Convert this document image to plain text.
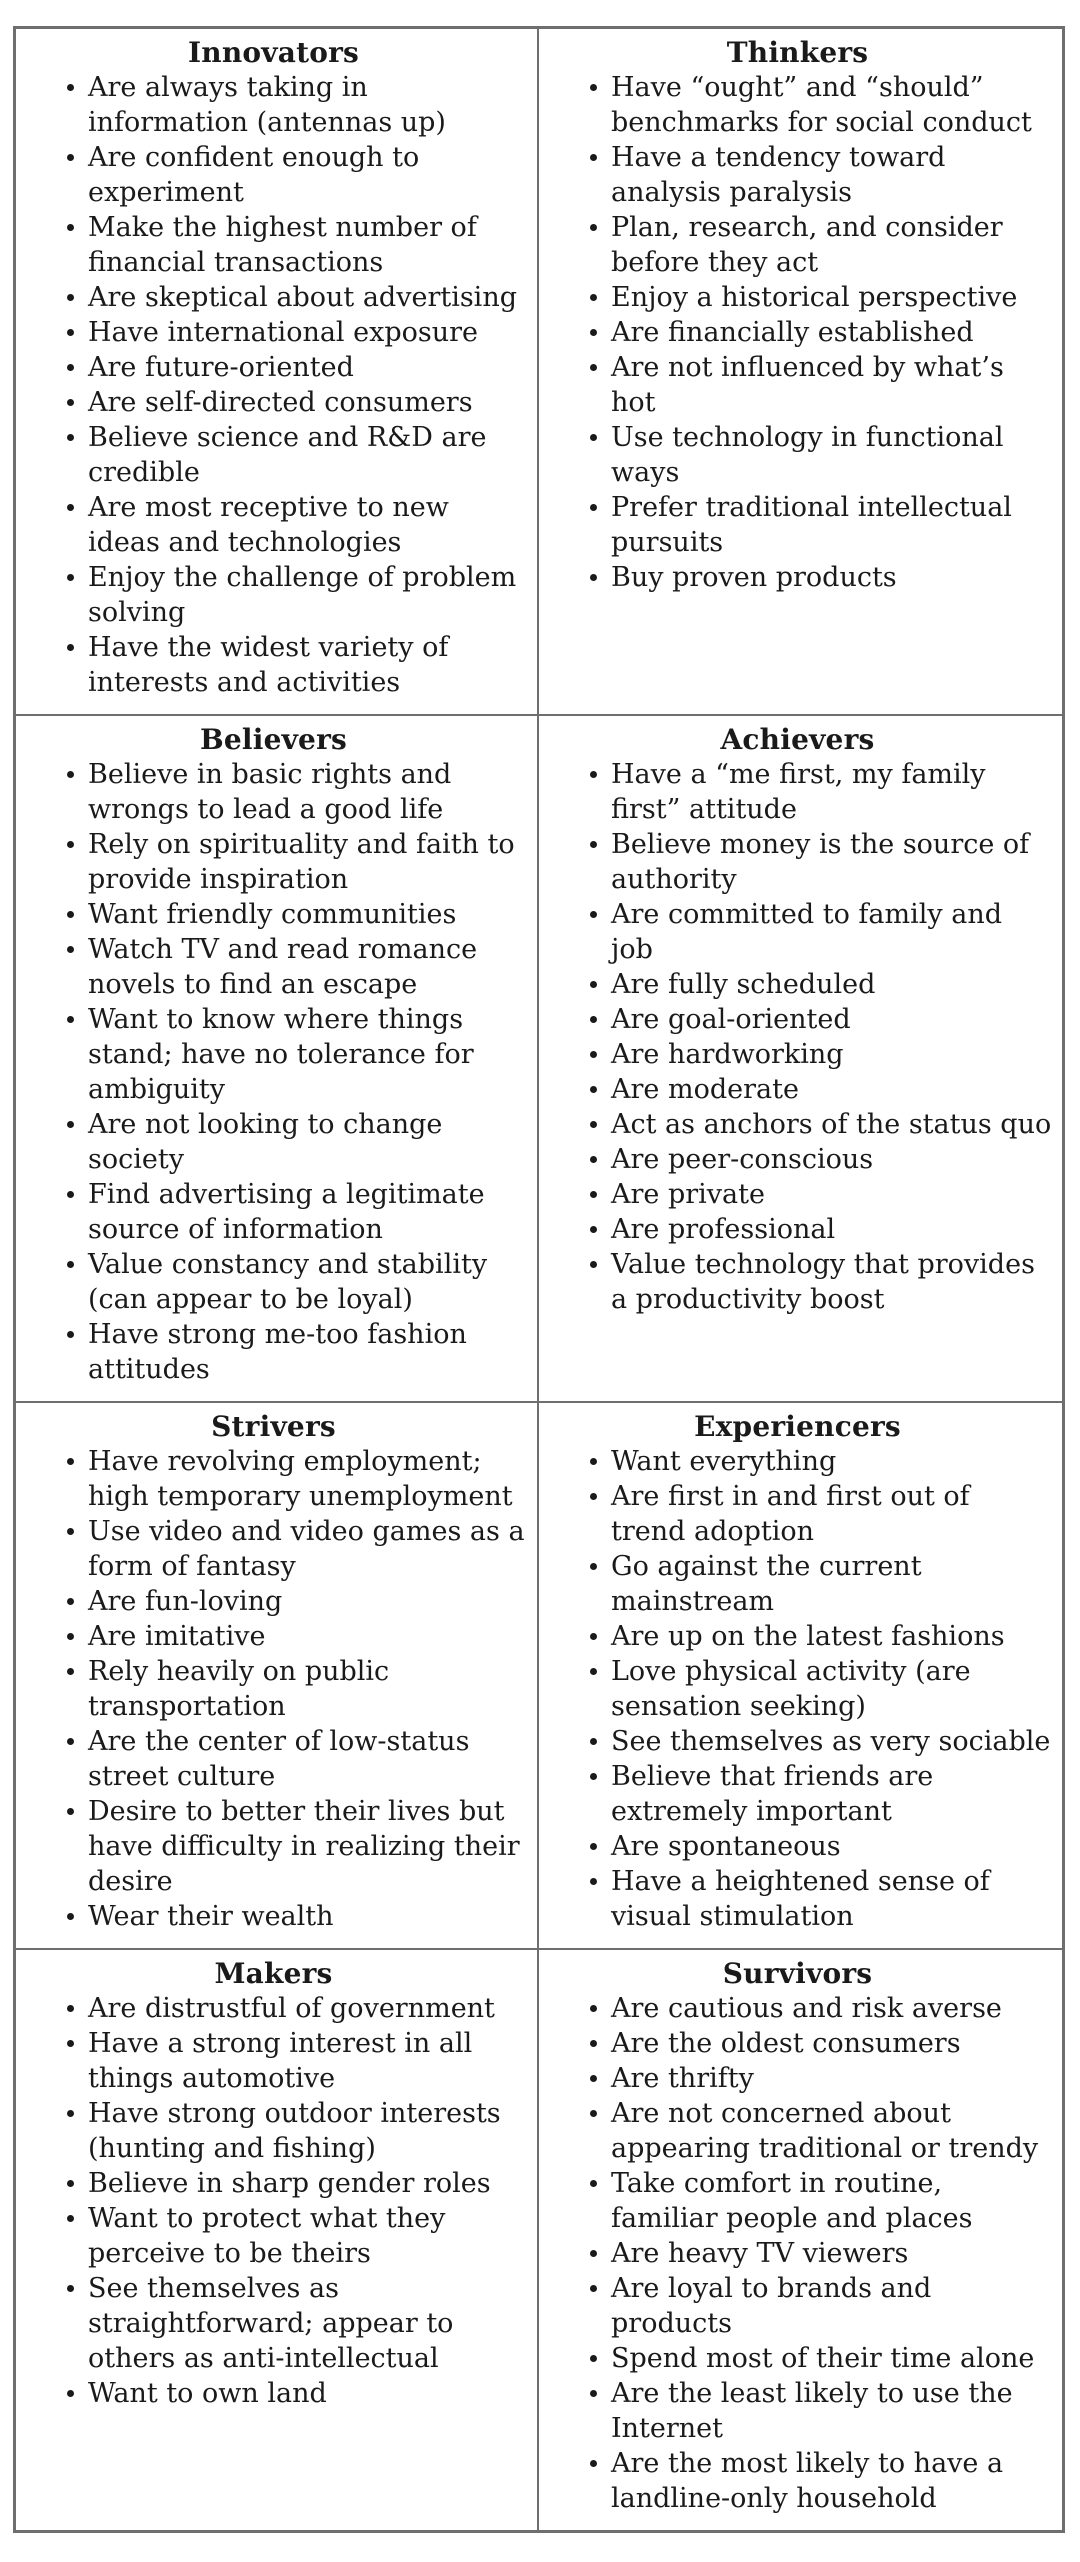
Innovators
Are always taking in information (antennas up)
Are confident enough to experiment
Make the highest number of financial transactions
Are skeptical about advertising
Have international exposure
Are future-oriented
Are self-directed consumers
Believe science and R&D are credible
Are most receptive to new ideas and technologies
Enjoy the challenge of problem solving
Have the widest variety of interests and activities
Thinkers
Have “ought” and “should” benchmarks for social conduct
Have a tendency toward analysis paralysis
Plan, research, and consider before they act
Enjoy a historical perspective
Are financially established
Are not influenced by what’s hot
Use technology in functional ways
Prefer traditional intellectual pursuits
Buy proven products
Believers
Believe in basic rights and wrongs to lead a good life
Rely on spirituality and faith to provide inspiration
Want friendly communities
Watch TV and read romance novels to find an escape
Want to know where things stand; have no tolerance for ambiguity
Are not looking to change society
Find advertising a legitimate source of information
Value constancy and stability (can appear to be loyal)
Have strong me-too fashion attitudes
Achievers
Have a “me first, my family first” attitude
Believe money is the source of authority
Are committed to family and job
Are fully scheduled
Are goal-oriented
Are hardworking
Are moderate
Act as anchors of the status quo
Are peer-conscious
Are private
Are professional
Value technology that provides a productivity boost
Strivers
Have revolving employment; high temporary unemployment
Use video and video games as a form of fantasy
Are fun-loving
Are imitative
Rely heavily on public transportation
Are the center of low-status street culture
Desire to better their lives but have difficulty in realizing their desire
Wear their wealth
Experiencers
Want everything
Are first in and first out of trend adoption
Go against the current mainstream
Are up on the latest fashions
Love physical activity (are sensation seeking)
See themselves as very sociable
Believe that friends are extremely important
Are spontaneous
Have a heightened sense of visual stimulation
Makers
Are distrustful of government
Have a strong interest in all things automotive
Have strong outdoor interests (hunting and fishing)
Believe in sharp gender roles
Want to protect what they perceive to be theirs
See themselves as straightforward; appear to others as anti-intellectual
Want to own land
Survivors
Are cautious and risk averse
Are the oldest consumers
Are thrifty
Are not concerned about appearing traditional or trendy
Take comfort in routine, familiar people and places
Are heavy TV viewers
Are loyal to brands and products
Spend most of their time alone
Are the least likely to use the Internet
Are the most likely to have a landline-only household
